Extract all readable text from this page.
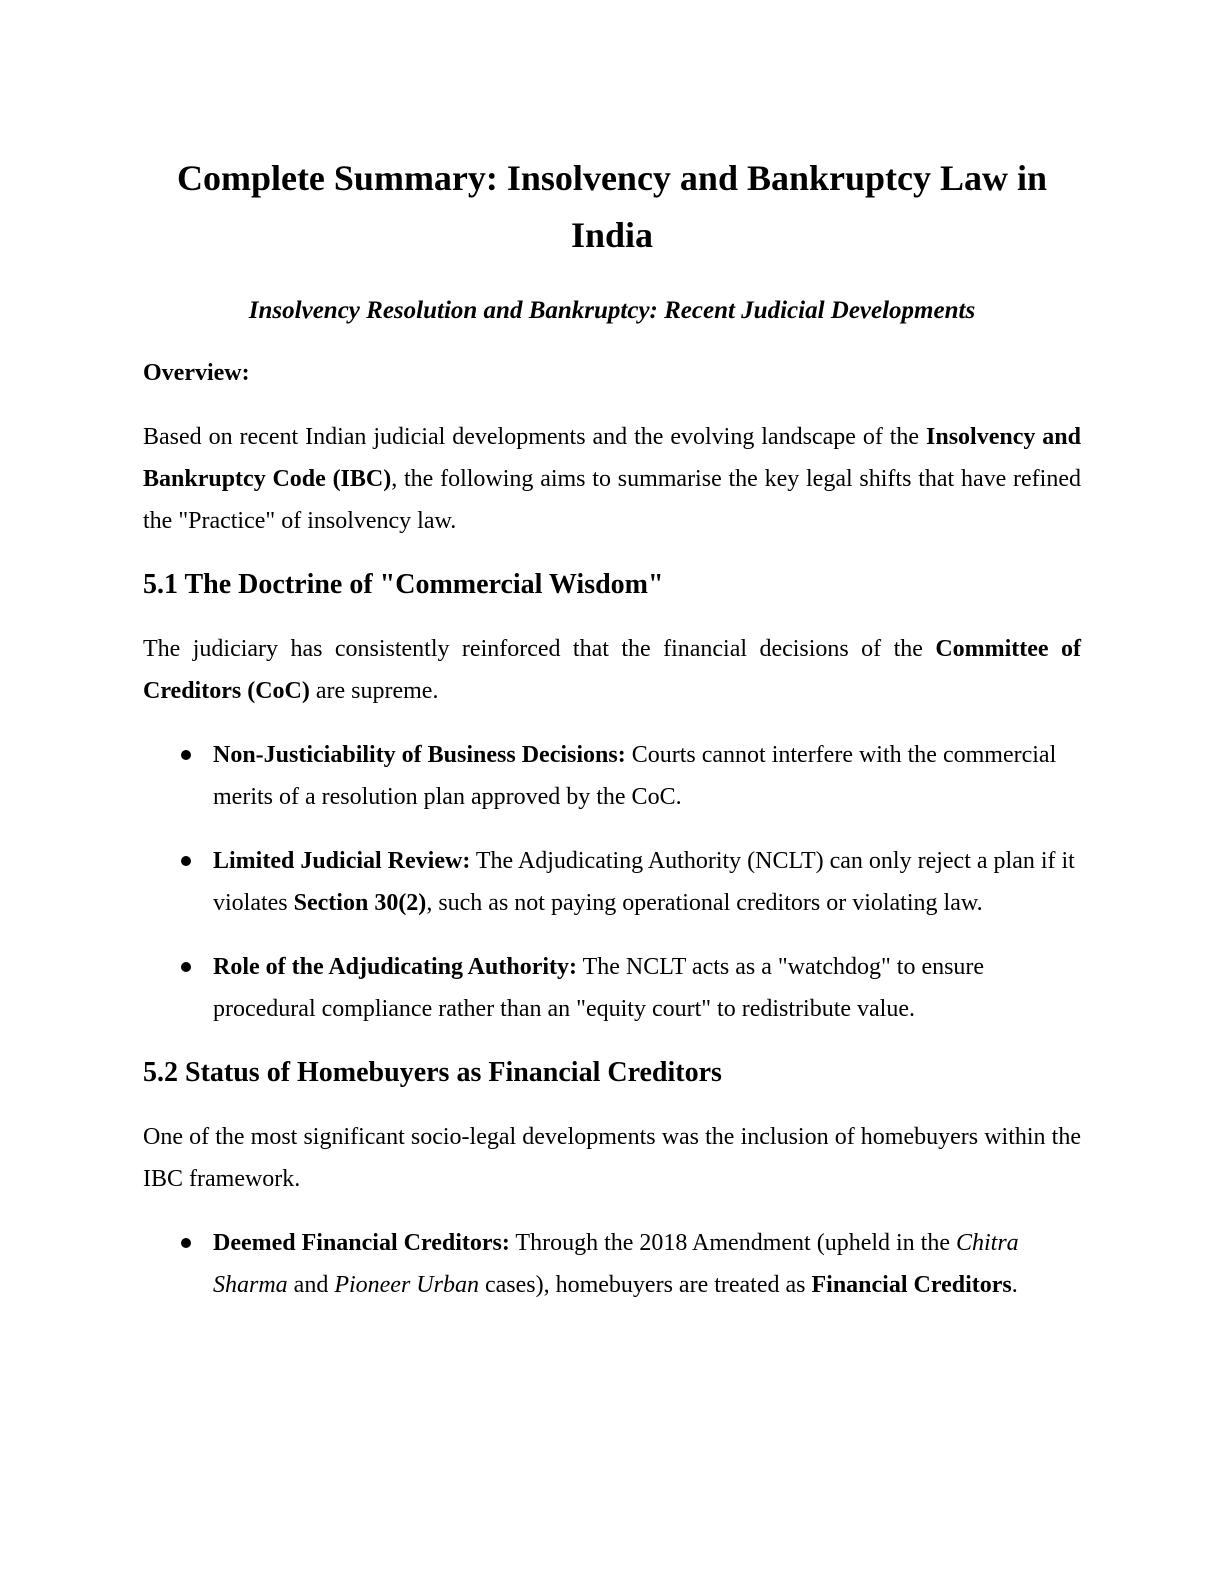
Complete Summary: Insolvency and Bankruptcy Law in India
Insolvency Resolution and Bankruptcy: Recent Judicial Developments
Overview:

Based on recent Indian judicial developments and the evolving landscape of the Insolvency and Bankruptcy Code (IBC), the following aims to summarise the key legal shifts that have refined the "Practice" of insolvency law.

5.1 The Doctrine of "Commercial Wisdom"

The judiciary has consistently reinforced that the financial decisions of the Committee of Creditors (CoC) are supreme.

Non-Justiciability of Business Decisions: Courts cannot interfere with the commercial merits of a resolution plan approved by the CoC.
Limited Judicial Review: The Adjudicating Authority (NCLT) can only reject a plan if it violates Section 30(2), such as not paying operational creditors or violating law.
Role of the Adjudicating Authority: The NCLT acts as a "watchdog" to ensure procedural compliance rather than an "equity court" to redistribute value.
5.2 Status of Homebuyers as Financial Creditors

One of the most significant socio-legal developments was the inclusion of homebuyers within the IBC framework.

Deemed Financial Creditors: Through the 2018 Amendment (upheld in the Chitra Sharma and Pioneer Urban cases), homebuyers are treated as Financial Creditors.
